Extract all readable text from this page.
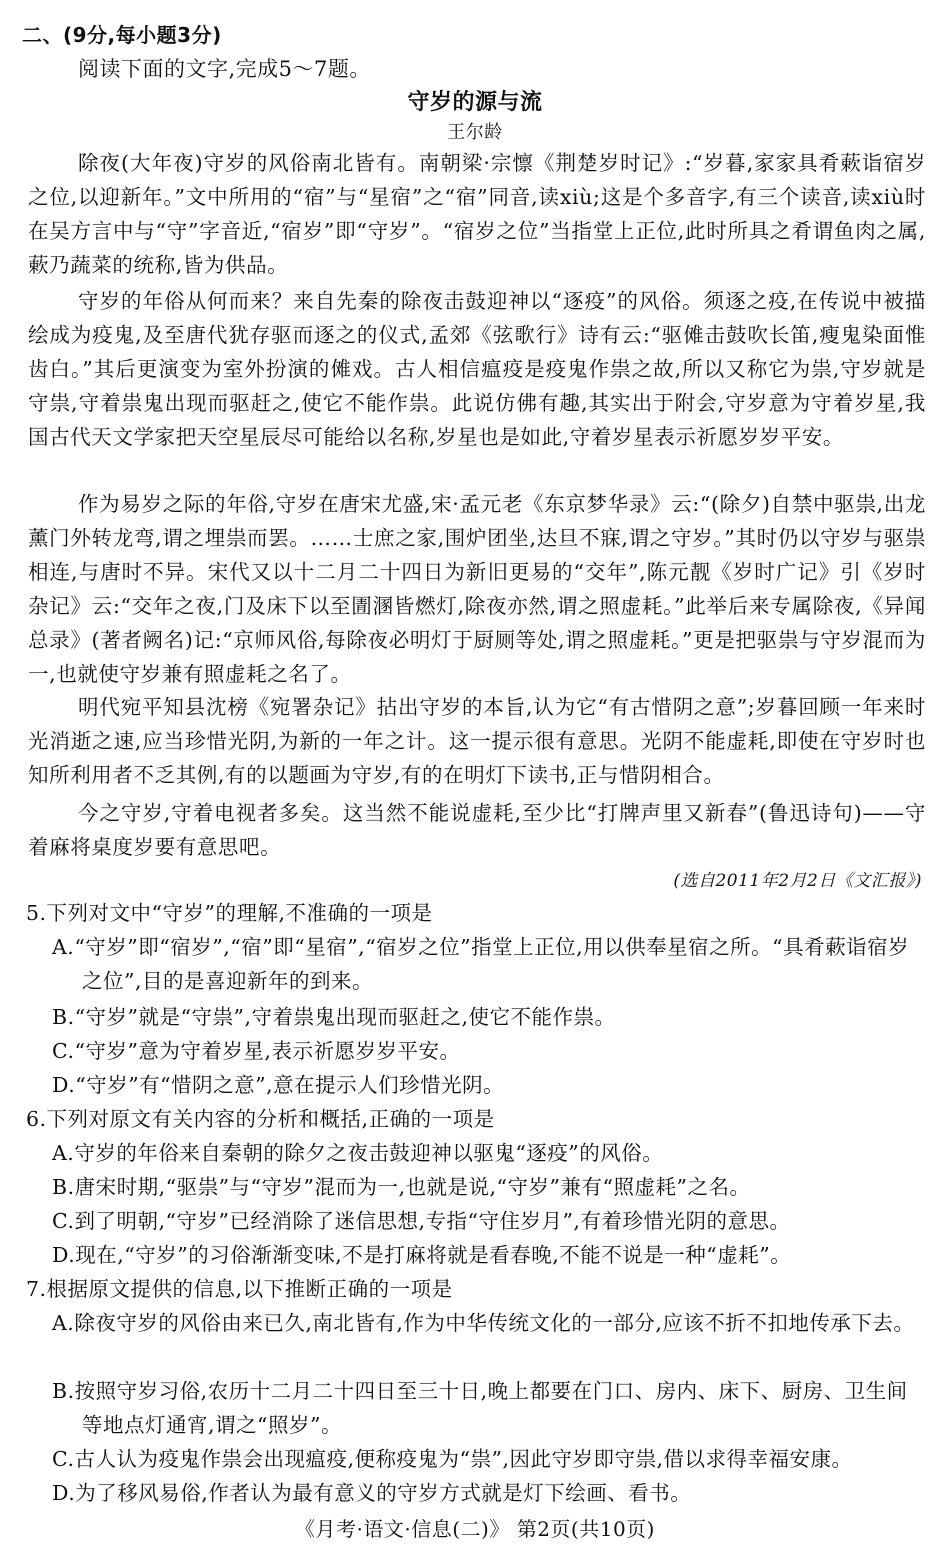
二、(9分,每小题3分)
阅读下面的文字,完成5～7题。
守岁的源与流
王尔龄
除夜(大年夜)守岁的风俗南北皆有。南朝梁·宗懔《荆楚岁时记》:“岁暮,家家具肴蔌诣宿岁之位,以迎新年。”文中所用的“宿”与“星宿”之“宿”同音,读xiù;这是个多音字,有三个读音,读xiù时在吴方言中与“守”字音近,“宿岁”即“守岁”。“宿岁之位”当指堂上正位,此时所具之肴谓鱼肉之属,蔌乃蔬菜的统称,皆为供品。
守岁的年俗从何而来？来自先秦的除夜击鼓迎神以“逐疫”的风俗。须逐之疫,在传说中被描绘成为疫鬼,及至唐代犹存驱而逐之的仪式,孟郊《弦歌行》诗有云:“驱傩击鼓吹长笛,瘦鬼染面惟齿白。”其后更演变为室外扮演的傩戏。古人相信瘟疫是疫鬼作祟之故,所以又称它为祟,守岁就是守祟,守着祟鬼出现而驱赶之,使它不能作祟。此说仿佛有趣,其实出于附会,守岁意为守着岁星,我国古代天文学家把天空星辰尽可能给以名称,岁星也是如此,守着岁星表示祈愿岁岁平安。
作为易岁之际的年俗,守岁在唐宋尤盛,宋·孟元老《东京梦华录》云:“(除夕)自禁中驱祟,出龙薰门外转龙弯,谓之埋祟而罢。……士庶之家,围炉团坐,达旦不寐,谓之守岁。”其时仍以守岁与驱祟相连,与唐时不异。宋代又以十二月二十四日为新旧更易的“交年”,陈元靓《岁时广记》引《岁时杂记》云:“交年之夜,门及床下以至圊溷皆燃灯,除夜亦然,谓之照虚耗。”此举后来专属除夜,《异闻总录》(著者阙名)记:“京师风俗,每除夜必明灯于厨厕等处,谓之照虚耗。”更是把驱祟与守岁混而为一,也就使守岁兼有照虚耗之名了。
明代宛平知县沈榜《宛署杂记》拈出守岁的本旨,认为它“有古惜阴之意”;岁暮回顾一年来时光消逝之速,应当珍惜光阴,为新的一年之计。这一提示很有意思。光阴不能虚耗,即使在守岁时也知所利用者不乏其例,有的以题画为守岁,有的在明灯下读书,正与惜阴相合。
今之守岁,守着电视者多矣。这当然不能说虚耗,至少比“打牌声里又新春”(鲁迅诗句)——守着麻将桌度岁要有意思吧。
(选自2011年2月2日《文汇报》)
5.下列对文中“守岁”的理解,不准确的一项是
A.“守岁”即“宿岁”,“宿”即“星宿”,“宿岁之位”指堂上正位,用以供奉星宿之所。“具肴蔌诣宿岁之位”,目的是喜迎新年的到来。
B.“守岁”就是“守祟”,守着祟鬼出现而驱赶之,使它不能作祟。
C.“守岁”意为守着岁星,表示祈愿岁岁平安。
D.“守岁”有“惜阴之意”,意在提示人们珍惜光阴。
6.下列对原文有关内容的分析和概括,正确的一项是
A.守岁的年俗来自秦朝的除夕之夜击鼓迎神以驱鬼“逐疫”的风俗。
B.唐宋时期,“驱祟”与“守岁”混而为一,也就是说,“守岁”兼有“照虚耗”之名。
C.到了明朝,“守岁”已经消除了迷信思想,专指“守住岁月”,有着珍惜光阴的意思。
D.现在,“守岁”的习俗渐渐变味,不是打麻将就是看春晚,不能不说是一种“虚耗”。
7.根据原文提供的信息,以下推断正确的一项是
A.除夜守岁的风俗由来已久,南北皆有,作为中华传统文化的一部分,应该不折不扣地传承下去。
B.按照守岁习俗,农历十二月二十四日至三十日,晚上都要在门口、房内、床下、厨房、卫生间等地点灯通宵,谓之“照岁”。
C.古人认为疫鬼作祟会出现瘟疫,便称疫鬼为“祟”,因此守岁即守祟,借以求得幸福安康。
D.为了移风易俗,作者认为最有意义的守岁方式就是灯下绘画、看书。
《月考·语文·信息(二)》 第2页(共10页)
